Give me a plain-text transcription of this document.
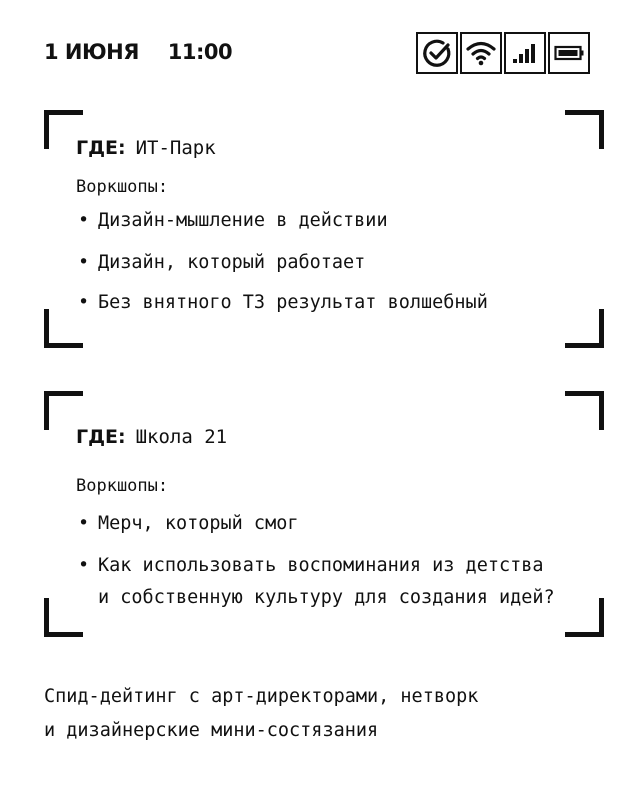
1 ИЮНЯ 11:00
ГДЕ: ИТ-Парк
Воркшопы:
• Дизайн-мышление в действии
• Дизайн, который работает
• Без внятного ТЗ результат волшебный
ГДЕ: Школа 21
Воркшопы:
• Мерч, который смог
• Как использовать воспоминания из детства
и собственную культуру для создания идей?
Спид-дейтинг с арт-директорами, нетворк
и дизайнерские мини-состязания
